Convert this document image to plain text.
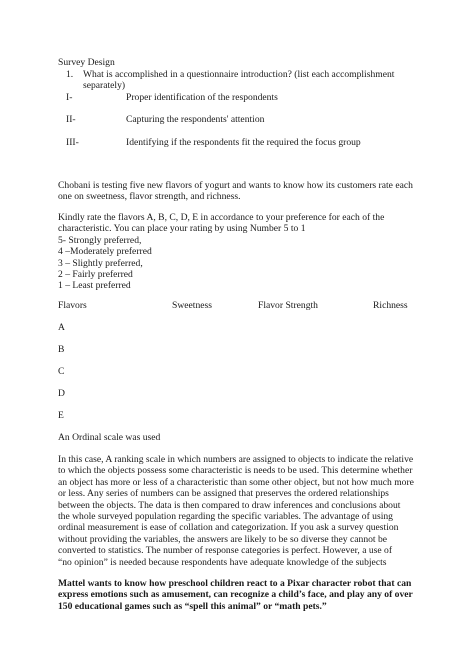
Survey Design
1. What is accomplished in a questionnaire introduction? (list each accomplishment
separately)
I-	Proper identification of the respondents
II-	Capturing the respondents' attention
III-	Identifying if the respondents fit the required the focus group

Chobani is testing five new flavors of yogurt and wants to know how its customers rate each

one on sweetness, flavor strength, and richness.

Kindly rate the flavors A, B, C, D, E in accordance to your preference for each of the

characteristic. You can place your rating by using Number 5 to 1

5- Strongly preferred,

4 –Moderately preferred

3 – Slightly preferred,

2 – Fairly preferred

1 – Least preferred

Flavors	Sweetness	Flavor Strength	Richness
A
B
C
D
E
An Ordinal scale was used

In this case, A ranking scale in which numbers are assigned to objects to indicate the relative

to which the objects possess some characteristic is needs to be used. This determine whether

an object has more or less of a characteristic than some other object, but not how much more

or less. Any series of numbers can be assigned that preserves the ordered relationships

between the objects. The data is then compared to draw inferences and conclusions about

the whole surveyed population regarding the specific variables. The advantage of using

ordinal measurement is ease of collation and categorization. If you ask a survey question

without providing the variables, the answers are likely to be so diverse they cannot be

converted to statistics. The number of response categories is perfect. However, a use of

“no opinion” is needed because respondents have adequate knowledge of the subjects

Mattel wants to know how preschool children react to a Pixar character robot that can

express emotions such as amusement, can recognize a child’s face, and play any of over

150 educational games such as “spell this animal” or “math pets.”
